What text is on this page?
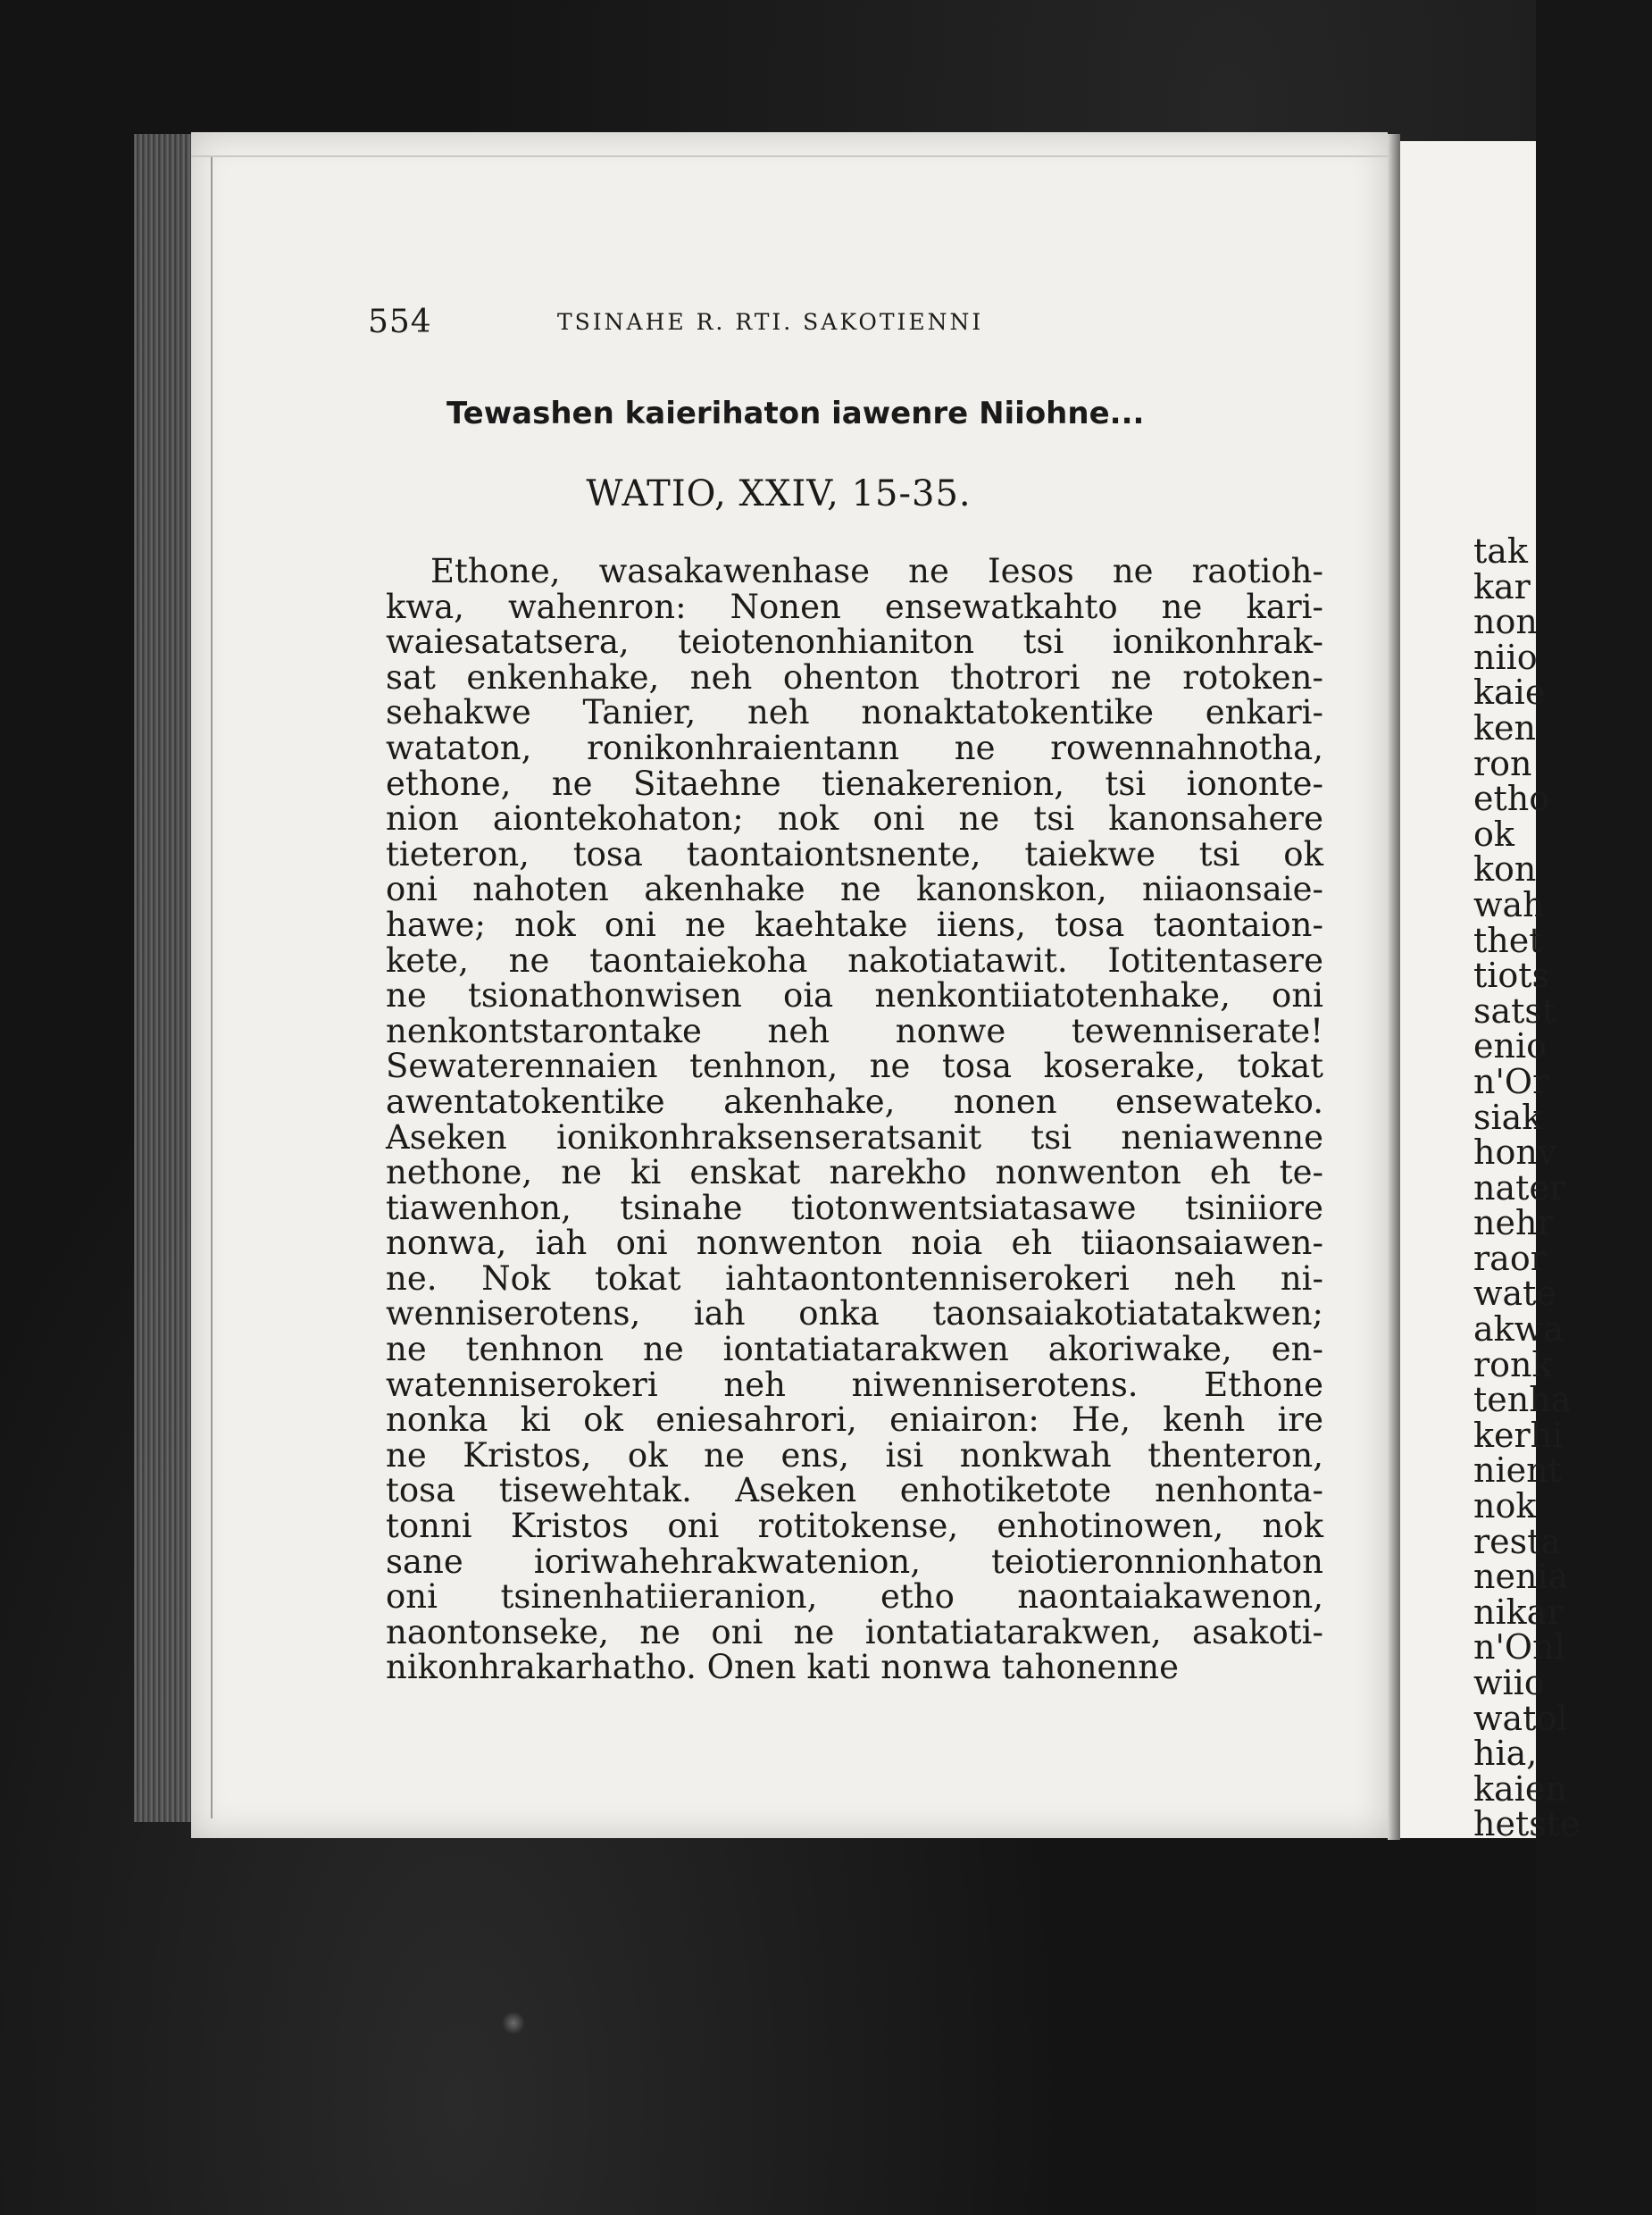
tak
kar
non
niio
kaie
ken
ron
etho
ok
kon
wah
thet
tiots
satst
enio
n'Or
siak
honv
nater
nehr
raor
wate
akwa
ronk
tenha
kerhi
nient
nok
resta
nenia
nikar
n'Onl
wiio
watol
hia,
kaien
hetste
554	TSINAHE R. RTI. SAKOTIENNI
Tewashen kaierihaton iawenre Niiohne...
WATIO, XXIV, 15-35.
Ethone, wasakawenhase ne Iesos ne raotioh-
kwa, wahenron: Nonen ensewatkahto ne kari-
waiesatatsera, teiotenonhianiton tsi ionikonhrak-
sat enkenhake, neh ohenton thotrori ne rotoken-
sehakwe Tanier, neh nonaktatokentike enkari-
wataton, ronikonhraientann ne rowennahnotha,
ethone, ne Sitaehne tienakerenion, tsi iononte-
nion aiontekohaton; nok oni ne tsi kanonsahere
tieteron, tosa taontaiontsnente, taiekwe tsi ok
oni nahoten akenhake ne kanonskon, niiaonsaie-
hawe; nok oni ne kaehtake iiens, tosa taontaion-
kete, ne taontaiekoha nakotiatawit. Iotitentasere
ne tsionathonwisen oia nenkontiiatotenhake, oni
nenkontstarontake neh nonwe tewenniserate!
Sewaterennaien tenhnon, ne tosa koserake, tokat
awentatokentike akenhake, nonen ensewateko.
Aseken ionikonhraksenseratsanit tsi neniawenne
nethone, ne ki enskat narekho nonwenton eh te-
tiawenhon, tsinahe tiotonwentsiatasawe tsiniiore
nonwa, iah oni nonwenton noia eh tiiaonsaiawen-
ne. Nok tokat iahtaontontenniserokeri neh ni-
wenniserotens, iah onka taonsaiakotiatatakwen;
ne tenhnon ne iontatiatarakwen akoriwake, en-
watenniserokeri neh niwenniserotens. Ethone
nonka ki ok eniesahrori, eniairon: He, kenh ire
ne Kristos, ok ne ens, isi nonkwah thenteron,
tosa tisewehtak. Aseken enhotiketote nenhonta-
tonni Kristos oni rotitokense, enhotinowen, nok
sane ioriwahehrakwatenion, teiotieronnionhaton
oni tsinenhatiieranion, etho naontaiakawenon,
naontonseke, ne oni ne iontatiatarakwen, asakoti-
nikonhrakarhatho. Onen kati nonwa tahonenne
